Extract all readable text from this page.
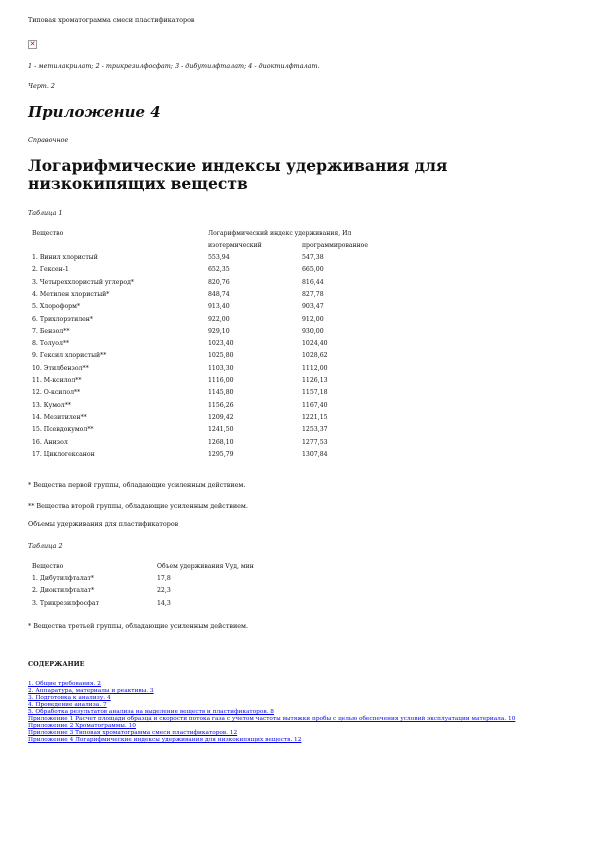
Типовая хроматограмма смеси пластификаторов
✕
1 - метилакрилат; 2 - трикрезилфосфат; 3 - дибутилфталат; 4 - диоктилфталат.
Черт. 2
Приложение 4
Справочное
Логарифмические индексы удерживания для низкокипящих веществ
Таблица 1
Вещество	Логарифмический индекс удерживания, Ил
изотермический	программированное
1. Винил хлористый	553,94	547,38
2. Гексен-1	652,35	665,00
3. Четыреххлористый углерод*	820,76	816,44
4. Метилен хлористый*	848,74	827,78
5. Хлороформ*	913,40	903,47
6. Трихлорэтилен*	922,00	912,00
7. Бензол**	929,10	930,00
8. Толуол**	1023,40	1024,40
9. Гексил хлористый**	1025,80	1028,62
10. Этилбензол**	1103,30	1112,00
11. М-ксилол**	1116,00	1126,13
12. О-ксилол**	1145,80	1157,18
13. Кумол**	1156,26	1167,40
14. Мезитилен**	1209,42	1221,15
15. Псевдокумол**	1241,50	1253,37
16. Анизол	1268,10	1277,53
17. Циклогексанон	1295,79	1307,84
* Вещества первой группы, обладающие усиленным действием.
** Вещества второй группы, обладающие усиленным действием.
Объемы удерживания для пластификаторов
Таблица 2
Вещество	Объем удерживания Vуд, мин
1. Дибутилфталат*	17,8
2. Диоктилфталат*	22,3
3. Трикрезилфосфат	14,3
* Вещества третьей группы, обладающие усиленным действием.
СОДЕРЖАНИЕ
1. Общие требования. 2
2. Аппаратура, материалы и реактивы. 3
3. Подготовка к анализу. 4
4. Проведение анализа. 7
5. Обработка результатов анализа на выделение веществ и пластификаторов. 8
Приложение 1 Расчет площади образца и скорости потока газа с учетом частоты вытяжки пробы с целью обеспечения условий эксплуатации материала. 10
Приложение 2 Хроматограммы. 10
Приложение 3 Типовая хроматограмма смеси пластификаторов. 12
Приложение 4 Логарифмические индексы удерживания для низкокипящих веществ. 12
